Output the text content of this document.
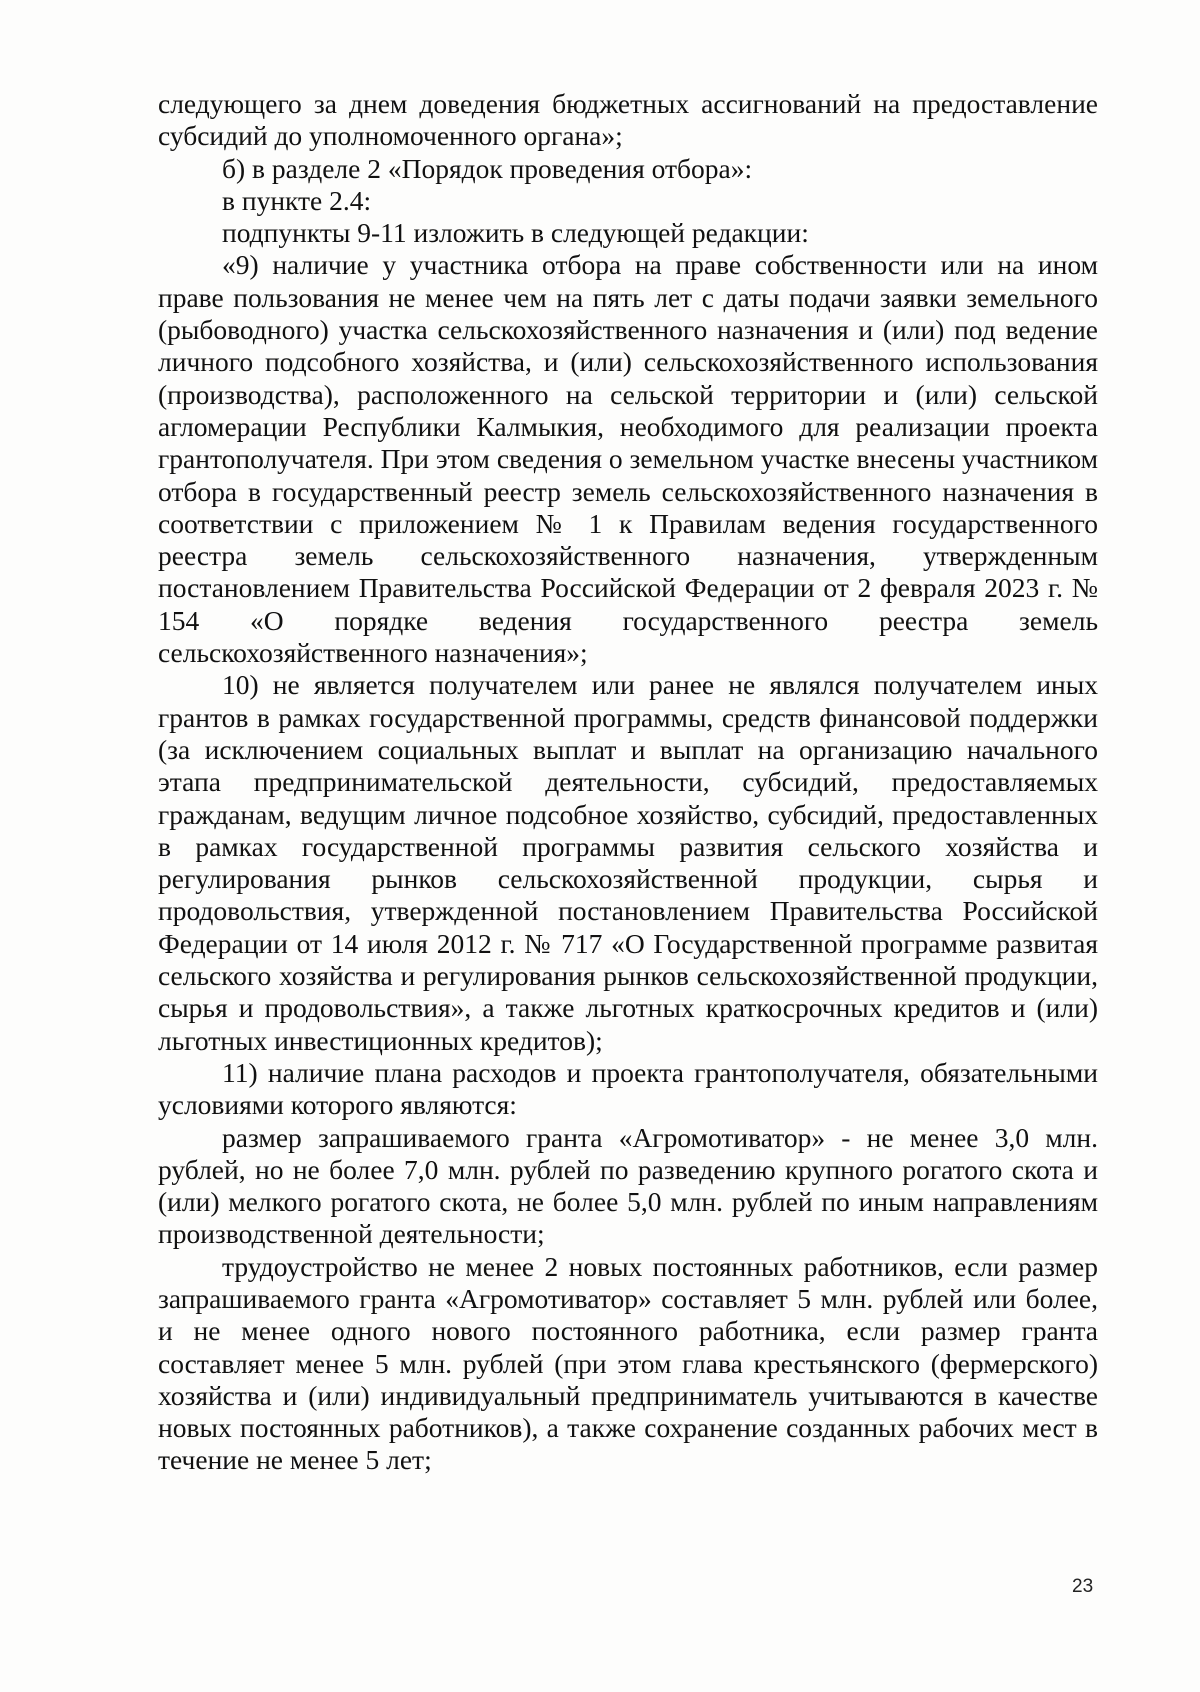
следующего за днем доведения бюджетных ассигнований на предоставление субсидий до уполномоченного органа»;

б) в разделе 2 «Порядок проведения отбора»:

в пункте 2.4:

подпункты 9-11 изложить в следующей редакции:

«9) наличие у участника отбора на праве собственности или на ином праве пользования не менее чем на пять лет с даты подачи заявки земельного (рыбоводного) участка сельскохозяйственного назначения и (или) под ведение личного подсобного хозяйства, и (или) сельскохозяйственного использования (производства), расположенного на сельской территории и (или) сельской агломерации Республики Калмыкия, необходимого для реализации проекта грантополучателя. При этом сведения о земельном участке внесены участником отбора в государственный реестр земель сельскохозяйственного назначения в соответствии с приложением № 1 к Правилам ведения государственного реестра земель сельскохозяйственного назначения, утвержденным постановлением Правительства Российской Федерации от 2 февраля 2023 г. № 154 «О порядке ведения государственного реестра земель сельскохозяйственного назначения»;

10) не является получателем или ранее не являлся получателем иных грантов в рамках государственной программы, средств финансовой поддержки (за исключением социальных выплат и выплат на организацию начального этапа предпринимательской деятельности, субсидий, предоставляемых гражданам, ведущим личное подсобное хозяйство, субсидий, предоставленных в рамках государственной программы развития сельского хозяйства и регулирования рынков сельскохозяйственной продукции, сырья и продовольствия, утвержденной постановлением Правительства Российской Федерации от 14 июля 2012 г. № 717 «О Государственной программе развитая сельского хозяйства и регулирования рынков сельскохозяйственной продукции, сырья и продовольствия», а также льготных краткосрочных кредитов и (или) льготных инвестиционных кредитов);

11) наличие плана расходов и проекта грантополучателя, обязательными условиями которого являются:

размер запрашиваемого гранта «Агромотиватор» - не менее 3,0 млн. рублей, но не более 7,0 млн. рублей по разведению крупного рогатого скота и (или) мелкого рогатого скота, не более 5,0 млн. рублей по иным направлениям производственной деятельности;

трудоустройство не менее 2 новых постоянных работников, если размер запрашиваемого гранта «Агромотиватор» составляет 5 млн. рублей или более, и не менее одного нового постоянного работника, если размер гранта составляет менее 5 млн. рублей (при этом глава крестьянского (фермерского) хозяйства и (или) индивидуальный предприниматель учитываются в качестве новых постоянных работников), а также сохранение созданных рабочих мест в течение не менее 5 лет;

23
